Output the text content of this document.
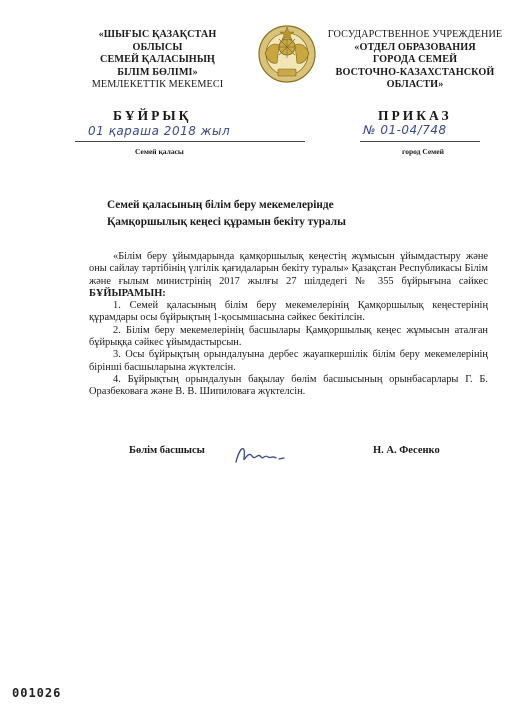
«ШЫҒЫС ҚАЗАҚСТАН
ОБЛЫСЫ
СЕМЕЙ ҚАЛАСЫНЫҢ
БІЛІМ БӨЛІМІ»
МЕМЛЕКЕТТІК МЕКЕМЕСІ
ГОСУДАРСТВЕННОЕ УЧРЕЖДЕНИЕ
«ОТДЕЛ ОБРАЗОВАНИЯ
ГОРОДА СЕМЕЙ
ВОСТОЧНО-КАЗАХСТАНСКОЙ
ОБЛАСТИ»
БҰЙРЫҚ	ПРИКАЗ
01 қараша 2018 жыл	№ 01-04/748
Семей қаласы	город Семей
Семей қаласының білім беру мекемелерінде
Қамқоршылық кеңесі құрамын бекіту туралы

«Білім беру ұйымдарында қамқоршылық кеңестің жұмысын ұйымдастыру және оны сайлау тәртібінің үлгілік қағидаларын бекіту туралы» Қазақстан Республикасы Білім және ғылым министрінің 2017 жылғы 27 шілдедегі № 355 бұйрығына сәйкес БҰЙЫРАМЫН:

1. Семей қаласының білім беру мекемелерінің Қамқоршылық кеңестерінің құрамдары осы бұйрықтың 1-қосымшасына сәйкес бекітілсін.

2. Білім беру мекемелерінің басшылары Қамқоршылық кеңес жұмысын аталған бұйрыққа сәйкес ұйымдастырсын.

3. Осы бұйрықтың орындалуына дербес жауапкершілік білім беру мекемелерінің бірінші басшыларына жүктелсін.

4. Бұйрықтың орындалуын бақылау бөлім басшысының орынбасарлары Г. Б. Оразбековаға және В. В. Шипиловаға жүктелсін.

Бөлім басшысы	Н. А. Фесенко
001026
